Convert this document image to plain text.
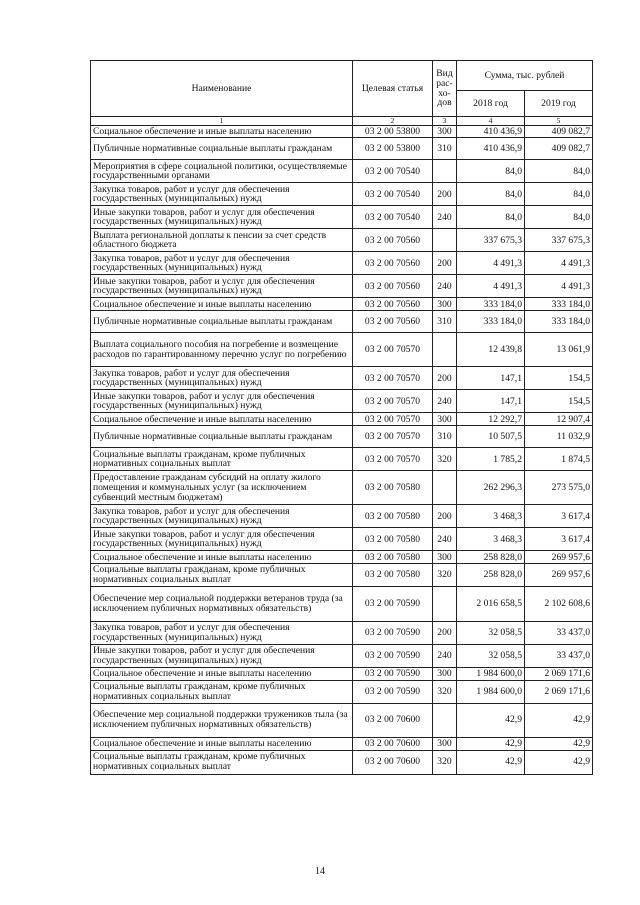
Наименование	Целевая статья	Вид рас- хо- дов	Сумма, тыс. рублей	
			2018 год	2019 год
1	2	3	4	5
Социальное обеспечение и иные выплаты населению	03 2 00 53800	300	410 436,9	409 082,7
Публичные нормативные социальные выплаты гражданам	03 2 00 53800	310	410 436,9	409 082,7
Мероприятия в сфере социальной политики, осуществляемые государственными органами	03 2 00 70540		84,0	84,0
Закупка товаров, работ и услуг для обеспечения государственных (муниципальных) нужд	03 2 00 70540	200	84,0	84,0
Иные закупки товаров, работ и услуг для обеспечения государственных (муниципальных) нужд	03 2 00 70540	240	84,0	84,0
Выплата региональной доплаты к пенсии за счет средств областного бюджета	03 2 00 70560		337 675,3	337 675,3
Закупка товаров, работ и услуг для обеспечения государственных (муниципальных) нужд	03 2 00 70560	200	4 491,3	4 491,3
Иные закупки товаров, работ и услуг для обеспечения государственных (муниципальных) нужд	03 2 00 70560	240	4 491,3	4 491,3
Социальное обеспечение и иные выплаты населению	03 2 00 70560	300	333 184,0	333 184,0
Публичные нормативные социальные выплаты гражданам	03 2 00 70560	310	333 184,0	333 184,0
Выплата социального пособия на погребение и возмещение расходов по гарантированному перечню услуг по погребению	03 2 00 70570		12 439,8	13 061,9
Закупка товаров, работ и услуг для обеспечения государственных (муниципальных) нужд	03 2 00 70570	200	147,1	154,5
Иные закупки товаров, работ и услуг для обеспечения государственных (муниципальных) нужд	03 2 00 70570	240	147,1	154,5
Социальное обеспечение и иные выплаты населению	03 2 00 70570	300	12 292,7	12 907,4
Публичные нормативные социальные выплаты гражданам	03 2 00 70570	310	10 507,5	11 032,9
Социальные выплаты гражданам, кроме публичных нормативных социальных выплат	03 2 00 70570	320	1 785,2	1 874,5
Предоставление гражданам субсидий на оплату жилого помещения и коммунальных услуг (за исключением субвенций местным бюджетам)	03 2 00 70580		262 296,3	273 575,0
Закупка товаров, работ и услуг для обеспечения государственных (муниципальных) нужд	03 2 00 70580	200	3 468,3	3 617,4
Иные закупки товаров, работ и услуг для обеспечения государственных (муниципальных) нужд	03 2 00 70580	240	3 468,3	3 617,4
Социальное обеспечение и иные выплаты населению	03 2 00 70580	300	258 828,0	269 957,6
Социальные выплаты гражданам, кроме публичных нормативных социальных выплат	03 2 00 70580	320	258 828,0	269 957,6
Обеспечение мер социальной поддержки ветеранов труда (за исключением публичных нормативных обязательств)	03 2 00 70590		2 016 658,5	2 102 608,6
Закупка товаров, работ и услуг для обеспечения государственных (муниципальных) нужд	03 2 00 70590	200	32 058,5	33 437,0
Иные закупки товаров, работ и услуг для обеспечения государственных (муниципальных) нужд	03 2 00 70590	240	32 058,5	33 437,0
Социальное обеспечение и иные выплаты населению	03 2 00 70590	300	1 984 600,0	2 069 171,6
Социальные выплаты гражданам, кроме публичных нормативных социальных выплат	03 2 00 70590	320	1 984 600,0	2 069 171,6
Обеспечение мер социальной поддержки тружеников тыла (за исключением публичных нормативных обязательств)	03 2 00 70600		42,9	42,9
Социальное обеспечение и иные выплаты населению	03 2 00 70600	300	42,9	42,9
Социальные выплаты гражданам, кроме публичных нормативных социальных выплат	03 2 00 70600	320	42,9	42,9
14
